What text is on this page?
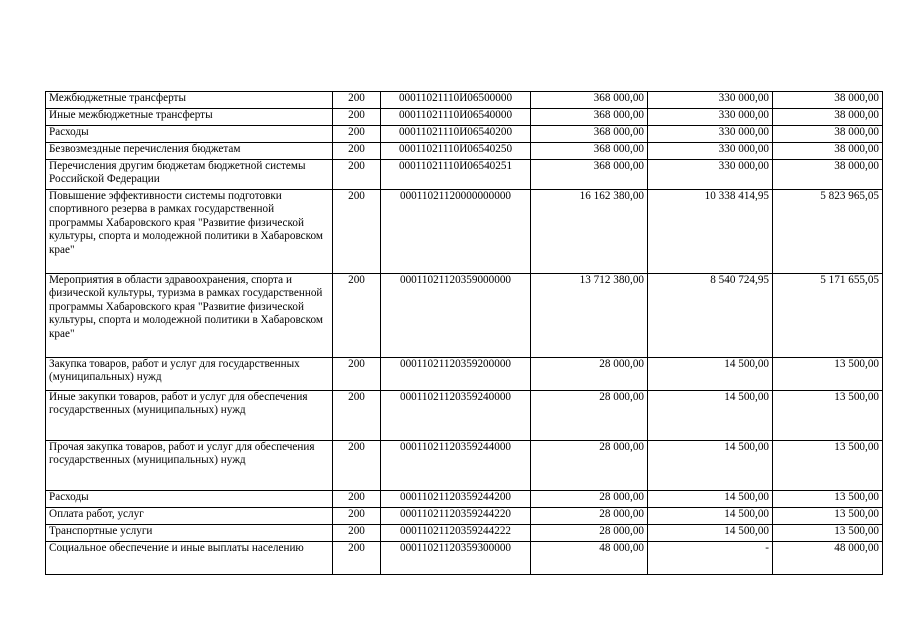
Межбюджетные трансферты	200	00011021110И06500000	368 000,00	330 000,00	38 000,00
Иные межбюджетные трансферты	200	00011021110И06540000	368 000,00	330 000,00	38 000,00
Расходы	200	00011021110И06540200	368 000,00	330 000,00	38 000,00
Безвозмездные перечисления бюджетам	200	00011021110И06540250	368 000,00	330 000,00	38 000,00
Перечисления другим бюджетам бюджетной системы Российской Федерации	200	00011021110И06540251	368 000,00	330 000,00	38 000,00
Повышение эффективности системы подготовки спортивного резерва в рамках государственной программы Хабаровского края "Развитие физической культуры, спорта и молодежной политики в Хабаровском крае"	200	00011021120000000000	16 162 380,00	10 338 414,95	5 823 965,05
Мероприятия в области здравоохранения, спорта и физической культуры, туризма в рамках государственной программы Хабаровского края "Развитие физической культуры, спорта и молодежной политики в Хабаровском крае"	200	00011021120359000000	13 712 380,00	8 540 724,95	5 171 655,05
Закупка товаров, работ и услуг для государственных (муниципальных) нужд	200	00011021120359200000	28 000,00	14 500,00	13 500,00
Иные закупки товаров, работ и услуг для обеспечения государственных (муниципальных) нужд	200	00011021120359240000	28 000,00	14 500,00	13 500,00
Прочая закупка товаров, работ и услуг для обеспечения государственных (муниципальных) нужд	200	00011021120359244000	28 000,00	14 500,00	13 500,00
Расходы	200	00011021120359244200	28 000,00	14 500,00	13 500,00
Оплата работ, услуг	200	00011021120359244220	28 000,00	14 500,00	13 500,00
Транспортные услуги	200	00011021120359244222	28 000,00	14 500,00	13 500,00
Социальное обеспечение и иные выплаты населению	200	00011021120359300000	48 000,00	-	48 000,00
